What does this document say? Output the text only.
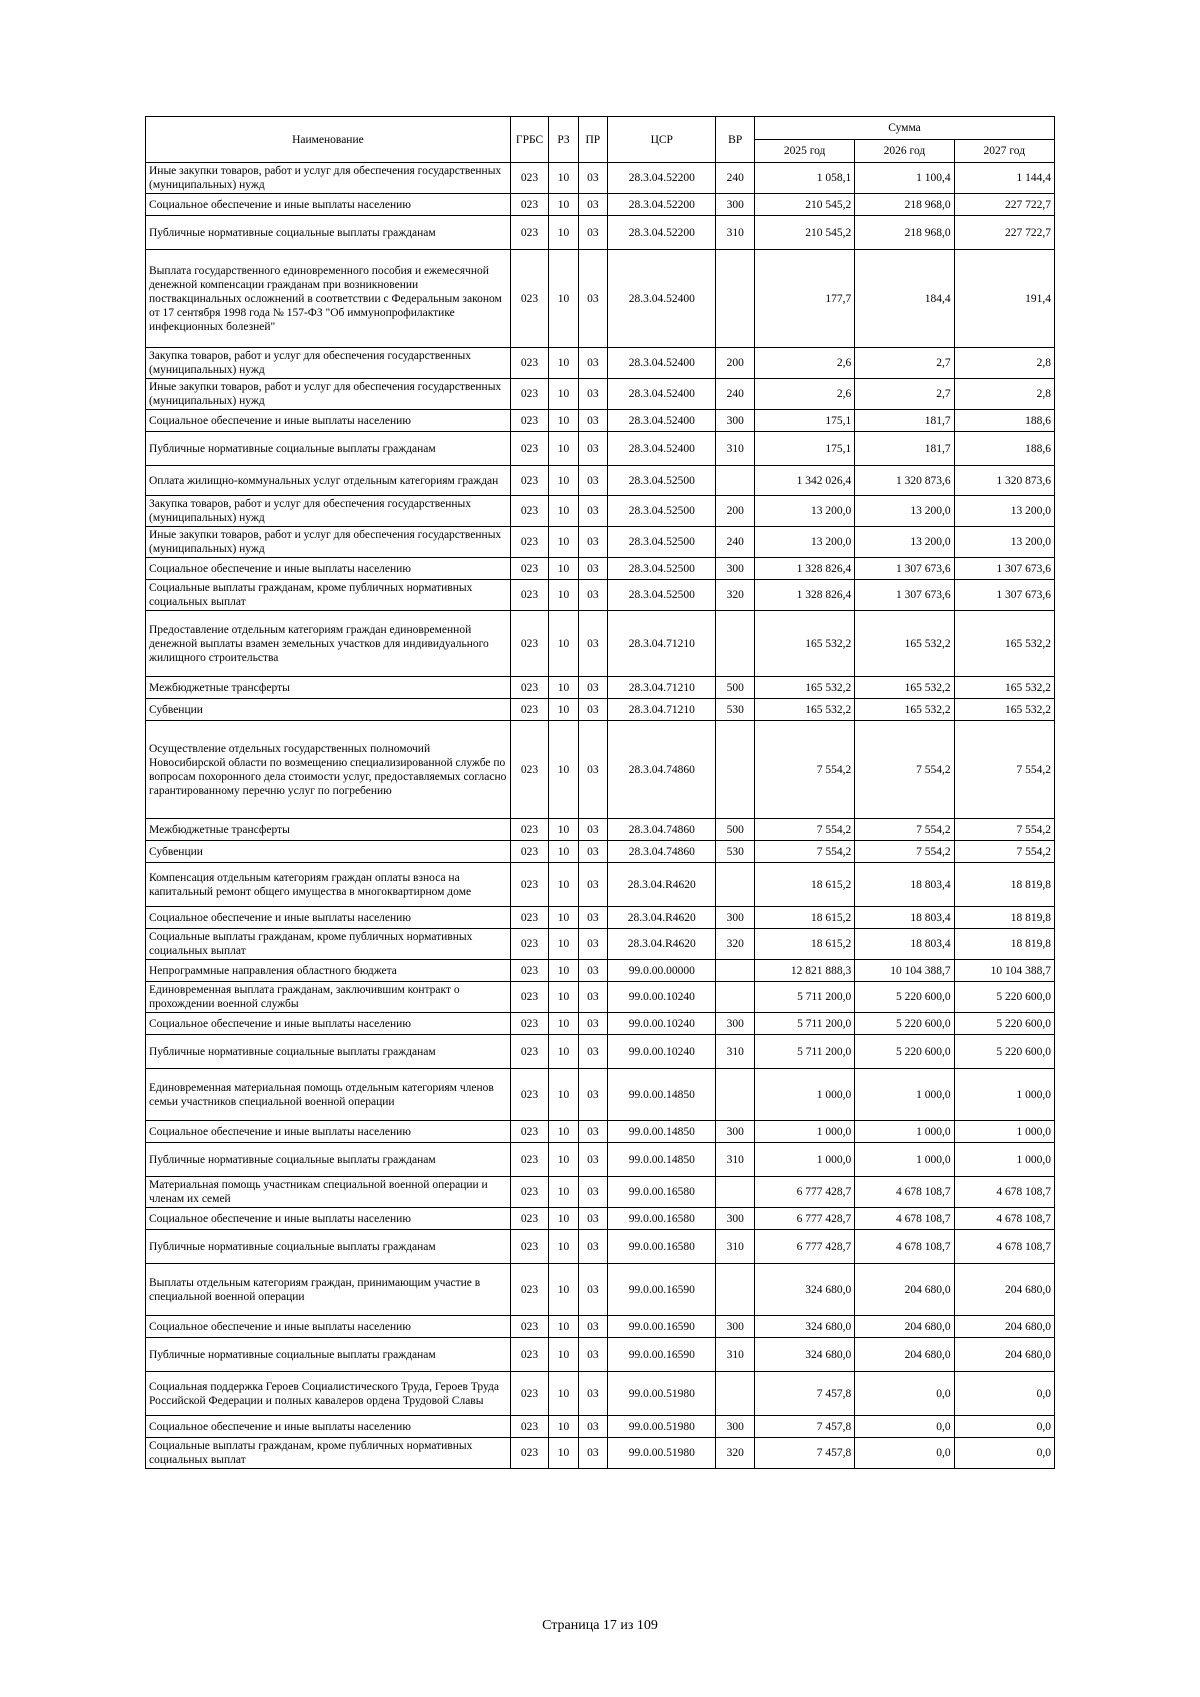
Наименование	ГРБС	РЗ	ПР	ЦСР	ВР	Сумма		
						2025 год	2026 год	2027 год
Иные закупки товаров, работ и услуг для обеспечения государственных (муниципальных) нужд	023	10	03	28.3.04.52200	240	1 058,1	1 100,4	1 144,4
Социальное обеспечение и иные выплаты населению	023	10	03	28.3.04.52200	300	210 545,2	218 968,0	227 722,7
Публичные нормативные социальные выплаты гражданам	023	10	03	28.3.04.52200	310	210 545,2	218 968,0	227 722,7
Выплата государственного единовременного пособия и ежемесячной денежной компенсации гражданам при возникновении поствакцинальных осложнений в соответствии с Федеральным законом от 17 сентября 1998 года № 157-ФЗ "Об иммунопрофилактике инфекционных болезней"	023	10	03	28.3.04.52400		177,7	184,4	191,4
Закупка товаров, работ и услуг для обеспечения государственных (муниципальных) нужд	023	10	03	28.3.04.52400	200	2,6	2,7	2,8
Иные закупки товаров, работ и услуг для обеспечения государственных (муниципальных) нужд	023	10	03	28.3.04.52400	240	2,6	2,7	2,8
Социальное обеспечение и иные выплаты населению	023	10	03	28.3.04.52400	300	175,1	181,7	188,6
Публичные нормативные социальные выплаты гражданам	023	10	03	28.3.04.52400	310	175,1	181,7	188,6
Оплата жилищно-коммунальных услуг отдельным категориям граждан	023	10	03	28.3.04.52500		1 342 026,4	1 320 873,6	1 320 873,6
Закупка товаров, работ и услуг для обеспечения государственных (муниципальных) нужд	023	10	03	28.3.04.52500	200	13 200,0	13 200,0	13 200,0
Иные закупки товаров, работ и услуг для обеспечения государственных (муниципальных) нужд	023	10	03	28.3.04.52500	240	13 200,0	13 200,0	13 200,0
Социальное обеспечение и иные выплаты населению	023	10	03	28.3.04.52500	300	1 328 826,4	1 307 673,6	1 307 673,6
Социальные выплаты гражданам, кроме публичных нормативных социальных выплат	023	10	03	28.3.04.52500	320	1 328 826,4	1 307 673,6	1 307 673,6
Предоставление отдельным категориям граждан единовременной денежной выплаты взамен земельных участков для индивидуального жилищного строительства	023	10	03	28.3.04.71210		165 532,2	165 532,2	165 532,2
Межбюджетные трансферты	023	10	03	28.3.04.71210	500	165 532,2	165 532,2	165 532,2
Субвенции	023	10	03	28.3.04.71210	530	165 532,2	165 532,2	165 532,2
Осуществление отдельных государственных полномочий Новосибирской области по возмещению специализированной службе по вопросам похоронного дела стоимости услуг, предоставляемых согласно гарантированному перечню услуг по погребению	023	10	03	28.3.04.74860		7 554,2	7 554,2	7 554,2
Межбюджетные трансферты	023	10	03	28.3.04.74860	500	7 554,2	7 554,2	7 554,2
Субвенции	023	10	03	28.3.04.74860	530	7 554,2	7 554,2	7 554,2
Компенсация отдельным категориям граждан оплаты взноса на капитальный ремонт общего имущества в многоквартирном доме	023	10	03	28.3.04.R4620		18 615,2	18 803,4	18 819,8
Социальное обеспечение и иные выплаты населению	023	10	03	28.3.04.R4620	300	18 615,2	18 803,4	18 819,8
Социальные выплаты гражданам, кроме публичных нормативных социальных выплат	023	10	03	28.3.04.R4620	320	18 615,2	18 803,4	18 819,8
Непрограммные направления областного бюджета	023	10	03	99.0.00.00000		12 821 888,3	10 104 388,7	10 104 388,7
Единовременная выплата гражданам, заключившим контракт о прохождении военной службы	023	10	03	99.0.00.10240		5 711 200,0	5 220 600,0	5 220 600,0
Социальное обеспечение и иные выплаты населению	023	10	03	99.0.00.10240	300	5 711 200,0	5 220 600,0	5 220 600,0
Публичные нормативные социальные выплаты гражданам	023	10	03	99.0.00.10240	310	5 711 200,0	5 220 600,0	5 220 600,0
Единовременная материальная помощь отдельным категориям членов семьи участников специальной военной операции	023	10	03	99.0.00.14850		1 000,0	1 000,0	1 000,0
Социальное обеспечение и иные выплаты населению	023	10	03	99.0.00.14850	300	1 000,0	1 000,0	1 000,0
Публичные нормативные социальные выплаты гражданам	023	10	03	99.0.00.14850	310	1 000,0	1 000,0	1 000,0
Материальная помощь участникам специальной военной операции и членам их семей	023	10	03	99.0.00.16580		6 777 428,7	4 678 108,7	4 678 108,7
Социальное обеспечение и иные выплаты населению	023	10	03	99.0.00.16580	300	6 777 428,7	4 678 108,7	4 678 108,7
Публичные нормативные социальные выплаты гражданам	023	10	03	99.0.00.16580	310	6 777 428,7	4 678 108,7	4 678 108,7
Выплаты отдельным категориям граждан, принимающим участие в специальной военной операции	023	10	03	99.0.00.16590		324 680,0	204 680,0	204 680,0
Социальное обеспечение и иные выплаты населению	023	10	03	99.0.00.16590	300	324 680,0	204 680,0	204 680,0
Публичные нормативные социальные выплаты гражданам	023	10	03	99.0.00.16590	310	324 680,0	204 680,0	204 680,0
Социальная поддержка Героев Социалистического Труда, Героев Труда Российской Федерации и полных кавалеров ордена Трудовой Славы	023	10	03	99.0.00.51980		7 457,8	0,0	0,0
Социальное обеспечение и иные выплаты населению	023	10	03	99.0.00.51980	300	7 457,8	0,0	0,0
Социальные выплаты гражданам, кроме публичных нормативных социальных выплат	023	10	03	99.0.00.51980	320	7 457,8	0,0	0,0
Страница 17 из 109
